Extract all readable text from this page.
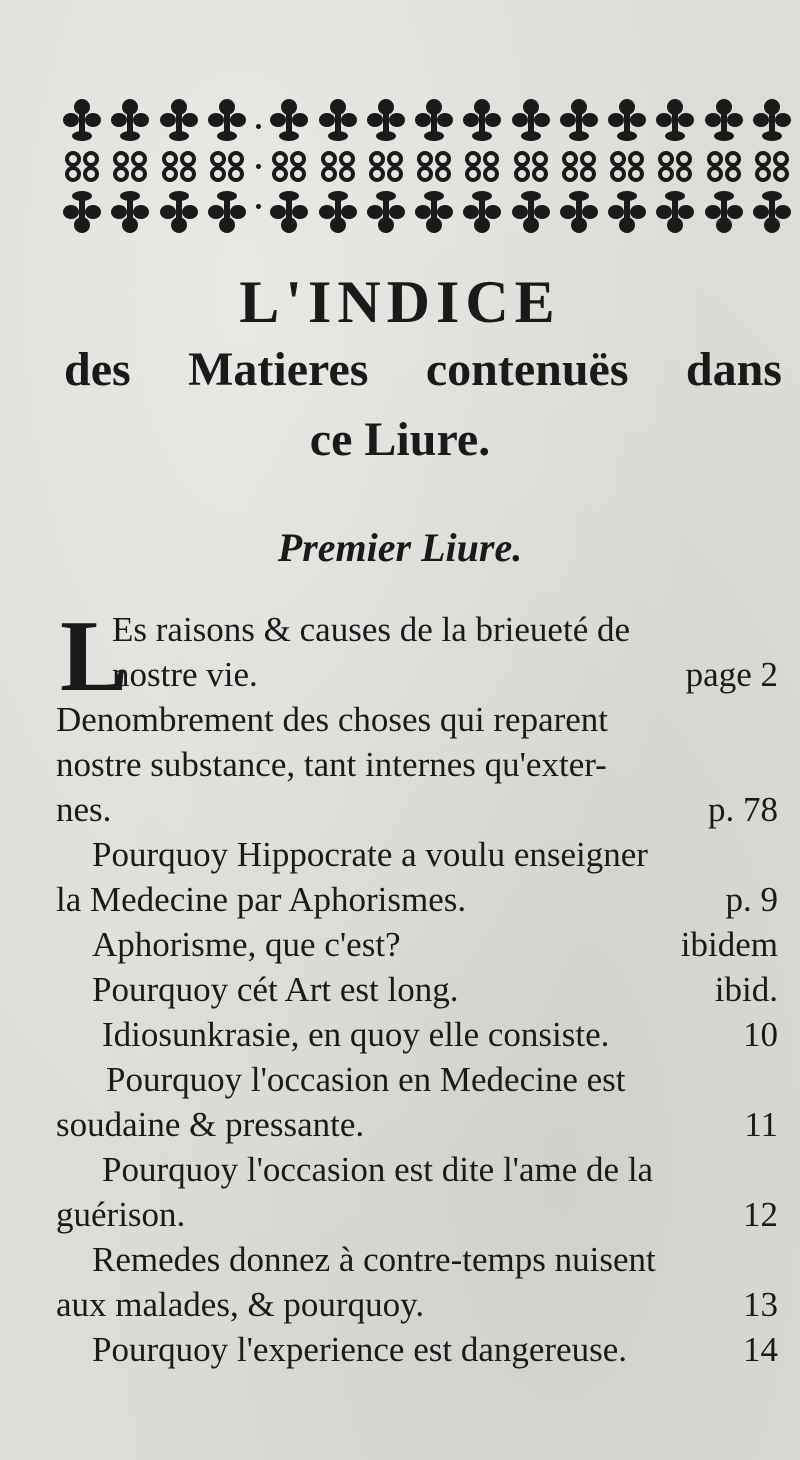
L'INDICE
des Matieres contenuës dans
ce Liure.
Premier Liure.
L
Es raisons & causes de la brieueté de
nostre vie.	page 2
Denombrement des choses qui reparent
nostre substance, tant internes qu'exter-
nes.	p. 78
Pourquoy Hippocrate a voulu enseigner
la Medecine par Aphorismes.	p. 9
Aphorisme, que c'est?	ibidem
Pourquoy cét Art est long.	ibid.
Idiosunkrasie, en quoy elle consiste.	10
Pourquoy l'occasion en Medecine est
soudaine & pressante.	11
Pourquoy l'occasion est dite l'ame de la
guérison.	12
Remedes donnez à contre-temps nuisent
aux malades, & pourquoy.	13
Pourquoy l'experience est dangereuse.	14
